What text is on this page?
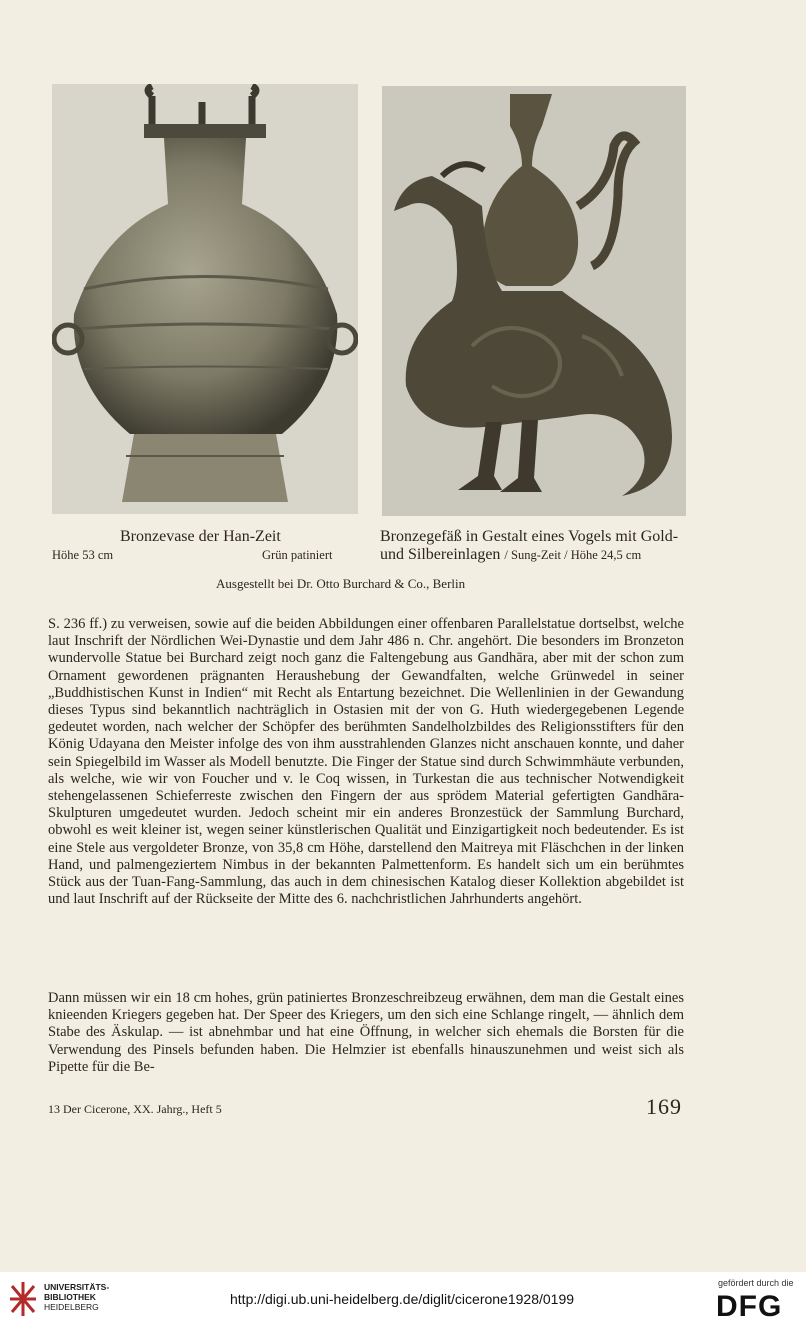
Bronzevase der Han-Zeit
Höhe 53 cm	Grün patiniert
Bronzegefäß in Gestalt eines Vogels mit Gold-
und Silbereinlagen / Sung-Zeit / Höhe 24,5 cm
Ausgestellt bei Dr. Otto Burchard & Co., Berlin

S. 236 ff.) zu verweisen, sowie auf die beiden Abbildungen einer offenbaren Parallelstatue dortselbst, welche laut Inschrift der Nördlichen Wei-Dynastie und dem Jahr 486 n. Chr. angehört. Die besonders im Bronzeton wundervolle Statue bei Burchard zeigt noch ganz die Faltengebung aus Gandhāra, aber mit der schon zum Ornament gewordenen prägnanten Heraushebung der Gewandfalten, welche Grünwedel in seiner „Buddhistischen Kunst in Indien“ mit Recht als Entartung bezeichnet. Die Wellenlinien in der Gewandung dieses Typus sind bekanntlich nachträglich in Ostasien mit der von G. Huth wiedergegebenen Legende gedeutet worden, nach welcher der Schöpfer des berühmten Sandelholzbildes des Religionsstifters für den König Udayana den Meister infolge des von ihm ausstrahlenden Glanzes nicht anschauen konnte, und daher sein Spiegelbild im Wasser als Modell benutzte. Die Finger der Statue sind durch Schwimmhäute verbunden, als welche, wie wir von Foucher und v. le Coq wissen, in Turkestan die aus technischer Notwendigkeit stehengelassenen Schieferreste zwischen den Fingern der aus sprödem Material gefertigten Gandhāra-Skulpturen umgedeutet wurden. Jedoch scheint mir ein anderes Bronzestück der Sammlung Burchard, obwohl es weit kleiner ist, wegen seiner künstlerischen Qualität und Einzigartigkeit noch bedeutender. Es ist eine Stele aus vergoldeter Bronze, von 35,8 cm Höhe, darstellend den Maitreya mit Fläschchen in der linken Hand, und palmengeziertem Nimbus in der bekannten Palmettenform. Es handelt sich um ein berühmtes Stück aus der Tuan-Fang-Sammlung, das auch in dem chinesischen Katalog dieser Kollektion abgebildet ist und laut Inschrift auf der Rückseite der Mitte des 6. nachchristlichen Jahrhunderts angehört.

Dann müssen wir ein 18 cm hohes, grün patiniertes Bronzeschreibzeug erwähnen, dem man die Gestalt eines knieenden Kriegers gegeben hat. Der Speer des Kriegers, um den sich eine Schlange ringelt, — ähnlich dem Stabe des Äskulap. — ist abnehmbar und hat eine Öffnung, in welcher sich ehemals die Borsten für die Verwendung des Pinsels befunden haben. Die Helmzier ist ebenfalls hinauszunehmen und weist sich als Pipette für die Be-

13 Der Cicerone, XX. Jahrg., Heft 5	169
UNIVERSITÄTS-
BIBLIOTHEK
HEIDELBERG	http://digi.ub.uni-heidelberg.de/diglit/cicerone1928/0199
gefördert durch die
DFG
